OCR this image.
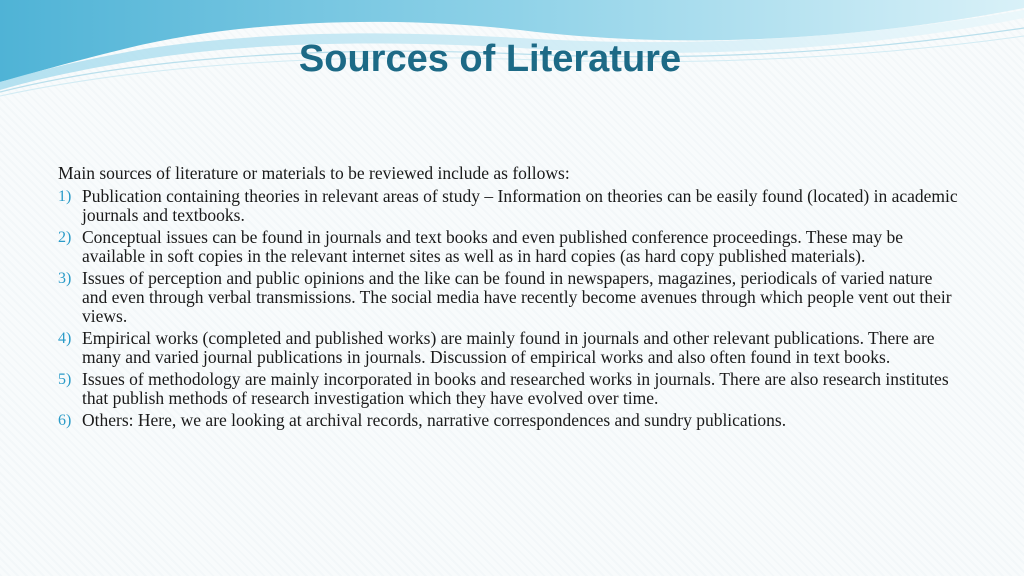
Sources of Literature

Main sources of literature or materials to be reviewed include as follows:

1) Publication containing theories in relevant areas of study – Information on theories can be easily found (located) in academic journals and textbooks.
2) Conceptual issues can be found in journals and text books and even published conference proceedings. These may be available in soft copies in the relevant internet sites as well as in hard copies (as hard copy published materials).
3) Issues of perception and public opinions and the like can be found in newspapers, magazines, periodicals of varied nature and even through verbal transmissions. The social media have recently become avenues through which people vent out their views.
4) Empirical works (completed and published works) are mainly found in journals and other relevant publications. There are many and varied journal publications in journals. Discussion of empirical works and also often found in text books.
5) Issues of methodology are mainly incorporated in books and researched works in journals. There are also research institutes that publish methods of research investigation which they have evolved over time.
6) Others: Here, we are looking at archival records, narrative correspondences and sundry publications.
